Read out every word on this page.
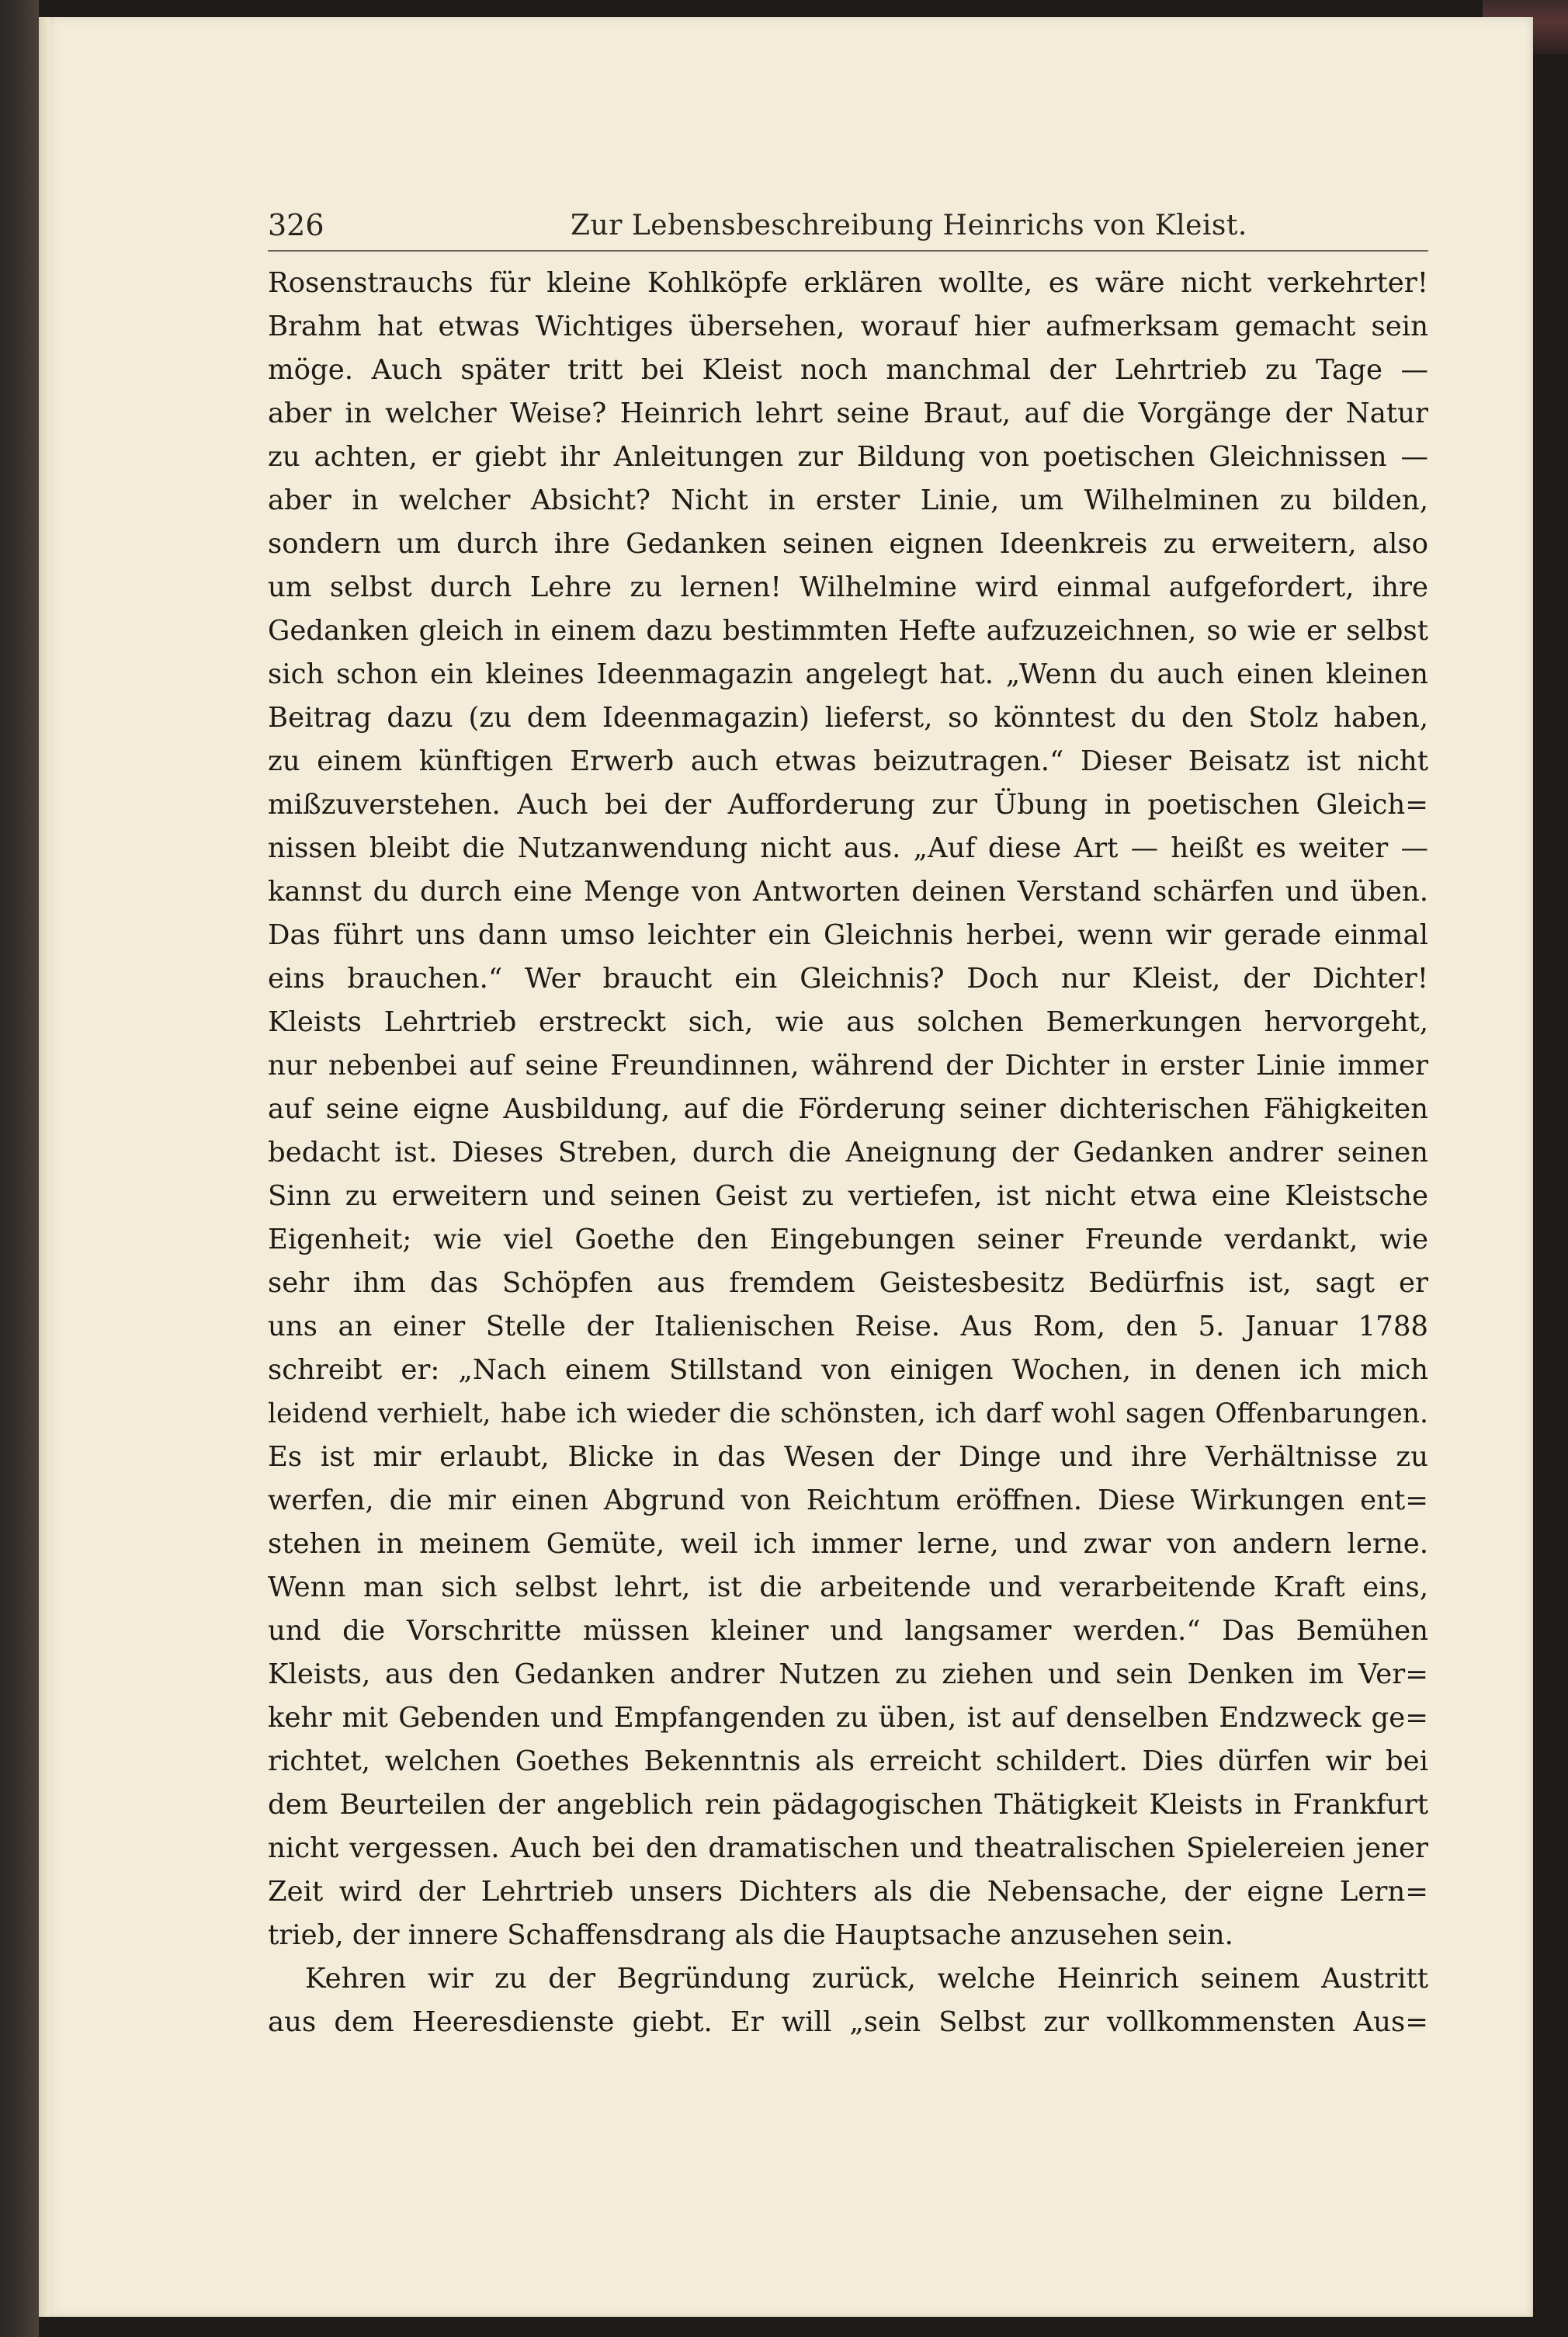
326	Zur Lebensbeschreibung Heinrichs von Kleist.
Rosenstrauchs für kleine Kohlköpfe erklären wollte, es wäre nicht verkehrter!
Brahm hat etwas Wichtiges übersehen, worauf hier aufmerksam gemacht sein
möge. Auch später tritt bei Kleist noch manchmal der Lehrtrieb zu Tage —
aber in welcher Weise? Heinrich lehrt seine Braut, auf die Vorgänge der Natur
zu achten, er giebt ihr Anleitungen zur Bildung von poetischen Gleichnissen —
aber in welcher Absicht? Nicht in erster Linie, um Wilhelminen zu bilden,
sondern um durch ihre Gedanken seinen eignen Ideenkreis zu erweitern, also
um selbst durch Lehre zu lernen! Wilhelmine wird einmal aufgefordert, ihre
Gedanken gleich in einem dazu bestimmten Hefte aufzuzeichnen, so wie er selbst
sich schon ein kleines Ideenmagazin angelegt hat. „Wenn du auch einen kleinen
Beitrag dazu (zu dem Ideenmagazin) lieferst, so könntest du den Stolz haben,
zu einem künftigen Erwerb auch etwas beizutragen.“ Dieser Beisatz ist nicht
mißzuverstehen. Auch bei der Aufforderung zur Übung in poetischen Gleich=
nissen bleibt die Nutzanwendung nicht aus. „Auf diese Art — heißt es weiter —
kannst du durch eine Menge von Antworten deinen Verstand schärfen und üben.
Das führt uns dann umso leichter ein Gleichnis herbei, wenn wir gerade einmal
eins brauchen.“ Wer braucht ein Gleichnis? Doch nur Kleist, der Dichter!
Kleists Lehrtrieb erstreckt sich, wie aus solchen Bemerkungen hervorgeht,
nur nebenbei auf seine Freundinnen, während der Dichter in erster Linie immer
auf seine eigne Ausbildung, auf die Förderung seiner dichterischen Fähigkeiten
bedacht ist. Dieses Streben, durch die Aneignung der Gedanken andrer seinen
Sinn zu erweitern und seinen Geist zu vertiefen, ist nicht etwa eine Kleistsche
Eigenheit; wie viel Goethe den Eingebungen seiner Freunde verdankt, wie
sehr ihm das Schöpfen aus fremdem Geistesbesitz Bedürfnis ist, sagt er
uns an einer Stelle der Italienischen Reise. Aus Rom, den 5. Januar 1788
schreibt er: „Nach einem Stillstand von einigen Wochen, in denen ich mich
leidend verhielt, habe ich wieder die schönsten, ich darf wohl sagen Offenbarungen.
Es ist mir erlaubt, Blicke in das Wesen der Dinge und ihre Verhältnisse zu
werfen, die mir einen Abgrund von Reichtum eröffnen. Diese Wirkungen ent=
stehen in meinem Gemüte, weil ich immer lerne, und zwar von andern lerne.
Wenn man sich selbst lehrt, ist die arbeitende und verarbeitende Kraft eins,
und die Vorschritte müssen kleiner und langsamer werden.“ Das Bemühen
Kleists, aus den Gedanken andrer Nutzen zu ziehen und sein Denken im Ver=
kehr mit Gebenden und Empfangenden zu üben, ist auf denselben Endzweck ge=
richtet, welchen Goethes Bekenntnis als erreicht schildert. Dies dürfen wir bei
dem Beurteilen der angeblich rein pädagogischen Thätigkeit Kleists in Frankfurt
nicht vergessen. Auch bei den dramatischen und theatralischen Spielereien jener
Zeit wird der Lehrtrieb unsers Dichters als die Nebensache, der eigne Lern=
trieb, der innere Schaffensdrang als die Hauptsache anzusehen sein.
Kehren wir zu der Begründung zurück, welche Heinrich seinem Austritt
aus dem Heeresdienste giebt. Er will „sein Selbst zur vollkommensten Aus=
